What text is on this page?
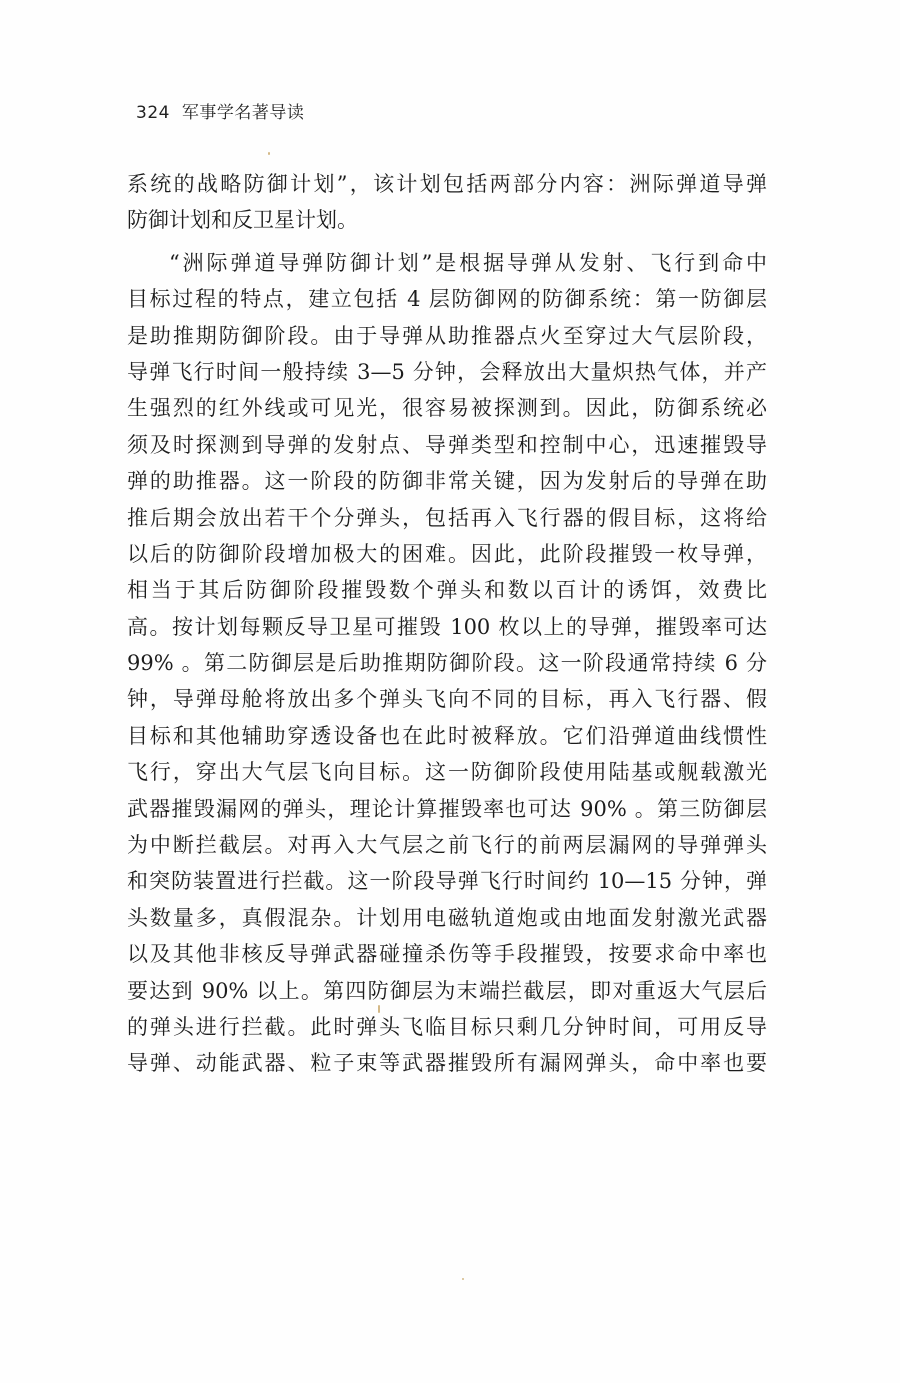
324 军事学名著导读
系统的战略防御计划”，该计划包括两部分内容：洲际弹道导弹
防御计划和反卫星计划。
“洲际弹道导弹防御计划”是根据导弹从发射、飞行到命中
目标过程的特点，建立包括 4 层防御网的防御系统：第一防御层
是助推期防御阶段。由于导弹从助推器点火至穿过大气层阶段，
导弹飞行时间一般持续 3—5 分钟，会释放出大量炽热气体，并产
生强烈的红外线或可见光，很容易被探测到。因此，防御系统必
须及时探测到导弹的发射点、导弹类型和控制中心，迅速摧毁导
弹的助推器。这一阶段的防御非常关键，因为发射后的导弹在助
推后期会放出若干个分弹头，包括再入飞行器的假目标，这将给
以后的防御阶段增加极大的困难。因此，此阶段摧毁一枚导弹，
相当于其后防御阶段摧毁数个弹头和数以百计的诱饵，效费比
高。按计划每颗反导卫星可摧毁 100 枚以上的导弹，摧毁率可达
99% 。第二防御层是后助推期防御阶段。这一阶段通常持续 6 分
钟，导弹母舱将放出多个弹头飞向不同的目标，再入飞行器、假
目标和其他辅助穿透设备也在此时被释放。它们沿弹道曲线惯性
飞行，穿出大气层飞向目标。这一防御阶段使用陆基或舰载激光
武器摧毁漏网的弹头，理论计算摧毁率也可达 90% 。第三防御层
为中断拦截层。对再入大气层之前飞行的前两层漏网的导弹弹头
和突防装置进行拦截。这一阶段导弹飞行时间约 10—15 分钟，弹
头数量多，真假混杂。计划用电磁轨道炮或由地面发射激光武器
以及其他非核反导弹武器碰撞杀伤等手段摧毁，按要求命中率也
要达到 90% 以上。第四防御层为末端拦截层，即对重返大气层后
的弹头进行拦截。此时弹头飞临目标只剩几分钟时间，可用反导
导弹、动能武器、粒子束等武器摧毁所有漏网弹头，命中率也要
